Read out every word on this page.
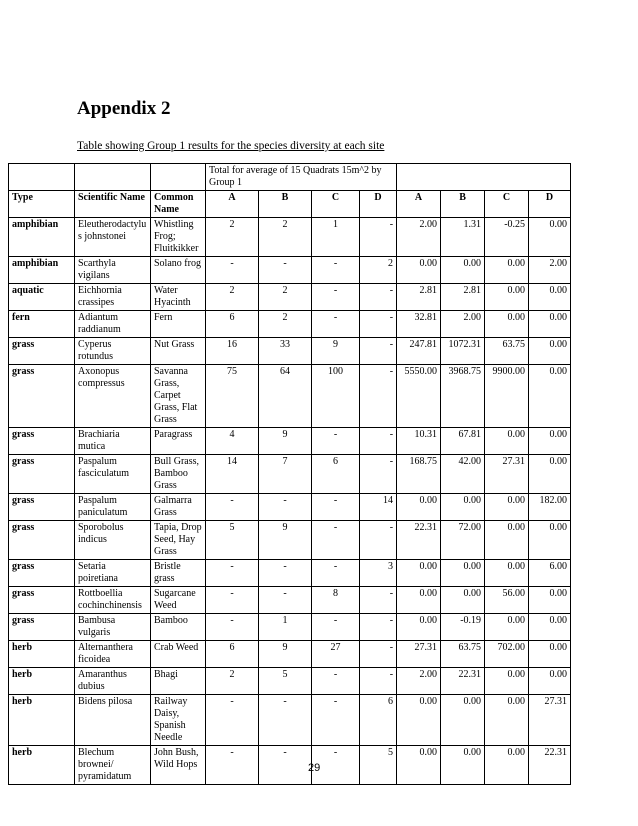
Appendix 2
Table showing Group 1 results for the species diversity at each site
			Total for average of 15 Quadrats 15m^2 by Group 1							
Type	Scientific Name	Common Name	A	B	C	D	A	B	C	D
amphibian	Eleutherodactylus johnstonei	Whistling Frog; Fluitkikker	2	2	1	-	2.00	1.31	-0.25	0.00
amphibian	Scarthyla vigilans	Solano frog	-	-	-	2	0.00	0.00	0.00	2.00
aquatic	Eichhornia crassipes	Water Hyacinth	2	2	-	-	2.81	2.81	0.00	0.00
fern	Adiantum raddianum	Fern	6	2	-	-	32.81	2.00	0.00	0.00
grass	Cyperus rotundus	Nut Grass	16	33	9	-	247.81	1072.31	63.75	0.00
grass	Axonopus compressus	Savanna Grass, Carpet Grass, Flat Grass	75	64	100	-	5550.00	3968.75	9900.00	0.00
grass	Brachiaria mutica	Paragrass	4	9	-	-	10.31	67.81	0.00	0.00
grass	Paspalum fasciculatum	Bull Grass, Bamboo Grass	14	7	6	-	168.75	42.00	27.31	0.00
grass	Paspalum paniculatum	Galmarra Grass	-	-	-	14	0.00	0.00	0.00	182.00
grass	Sporobolus indicus	Tapia, Drop Seed, Hay Grass	5	9	-	-	22.31	72.00	0.00	0.00
grass	Setaria poiretiana	Bristle grass	-	-	-	3	0.00	0.00	0.00	6.00
grass	Rottboellia cochinchinensis	Sugarcane Weed	-	-	8	-	0.00	0.00	56.00	0.00
grass	Bambusa vulgaris	Bamboo	-	1	-	-	0.00	-0.19	0.00	0.00
herb	Alternanthera ficoidea	Crab Weed	6	9	27	-	27.31	63.75	702.00	0.00
herb	Amaranthus dubius	Bhagi	2	5	-	-	2.00	22.31	0.00	0.00
herb	Bidens pilosa	Railway Daisy, Spanish Needle	-	-	-	6	0.00	0.00	0.00	27.31
herb	Blechum brownei/ pyramidatum	John Bush, Wild Hops	-	-	-	5	0.00	0.00	0.00	22.31
29
